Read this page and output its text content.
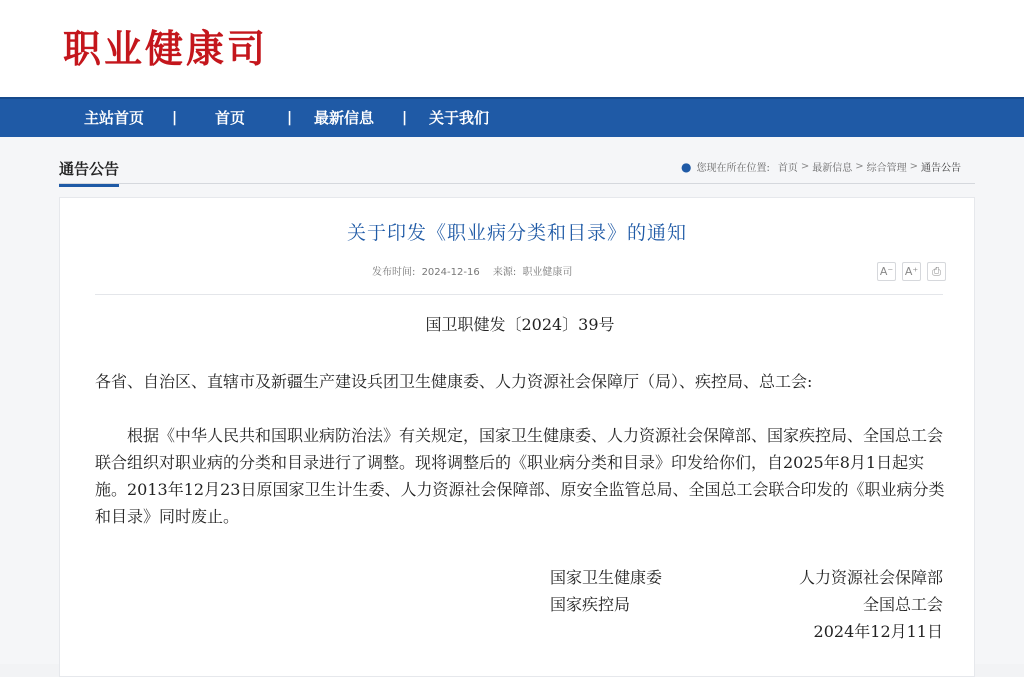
职业健康司
主站首页 |	首页	| 最新信息 | 关于我们
通告公告	● 您现在所在位置: 首页 > 最新信息 > 综合管理 > 通告公告
关于印发《职业病分类和目录》的通知
发布时间: 2024-12-16 来源: 职业健康司	A⁻ A⁺	⎙
国卫职健发〔2024〕39号

各省、自治区、直辖市及新疆生产建设兵团卫生健康委、人力资源社会保障厅（局）、疾控局、总工会:

根据《中华人民共和国职业病防治法》有关规定，国家卫生健康委、人力资源社会保障部、国家疾控局、全国总工会联合组织对职业病的分类和目录进行了调整。现将调整后的《职业病分类和目录》印发给你们，自2025年8月1日起实施。2013年12月23日原国家卫生计生委、人力资源社会保障部、原安全监管总局、全国总工会联合印发的《职业病分类和目录》同时废止。

国家卫生健康委	人力资源社会保障部
国家疾控局	全国总工会
2024年12月11日
